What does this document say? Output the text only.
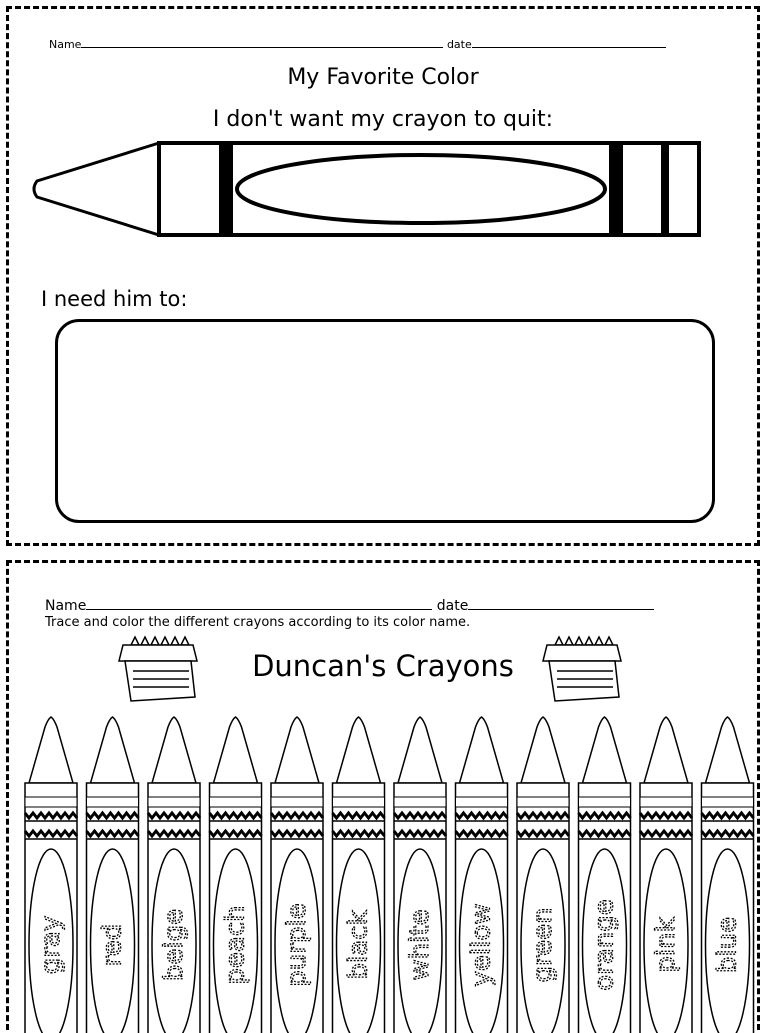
Name	date
My Favorite Color
I don't want my crayon to quit:
I need him to:
Name	date
Trace and color the different crayons according to its color name.
Duncan's Crayons
gray red beige peach purple black white yellow green orange pink blue
